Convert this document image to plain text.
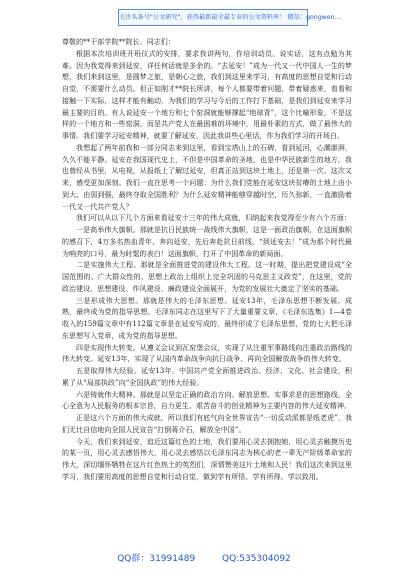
关注头条号"公文研究"，获得最新最全最专业的公文资料库！ 微信：gongwen...

尊敬的**干部学院**院长、同志们：

根据本次培训班开班仪式的安排，要求我讲两句，作培训动员。说实话，这有点勉为其难。因为我觉得来到延安，详任何话就是多余的。“去延安！”成为一代又一代中国人一生的梦想，我们来到这里，是圆梦之旅，是朝心之旅，我们到这里来学习，有高度的思想自觉和行动自觉，不需要什么动员。但正如刚才**院长所讲，每个人都要带着问题，带着疑惑来，看看和接触一下实际，这样才能有触动，为我们的学习与今后的工作打下基础，是我们到延安来学习最主要的目的。有人说延安一个地方和七个窑洞就能够撑起“地球背”，这个比喻形象，不是这样的一个地方和一些窑洞，而是共产党人在最困难的环境中，用最朴素的方式，做了最伟大的事情。我们要学习延安精神，就要了解延安，因此我讲些心里话，作为我们学习的开场白。

我想起了两年前我和一部分同志来到这里，看到宝塔山上的石碑，看到延河，心潮澎湃，久久不能平静。延安在我国现代史上，不但是中国革命的圣地，也是中华民族新生的地方。我也曾经从书里，从电视，从报纸上了解过延安，但真正站到这块土地上，还是第一次。这次又来，感受更加深刻。我们一直在思考一个问题：为什么我们党能在延安这块贫瘠的土地上由小到大、由弱到强，最终夺取全国胜利？为什么延安精神能够穿越时空，历久弥新，一直激励着一代又一代共产党人？

我们可以从以下几个方面来看延安十三年的伟大成就，归纳起来我觉得至少有六个方面：

一是高举伟大旗帜。那就是抗日民族统一战线伟大旗帜，这是一面政治旗帜，在这面旗帜的感召下，4万多名热血青年、奔向延安，先后奔赴抗日前线，“到延安去！”成为那个时代最为响亮的口号，最为时髦的表白！这面旗帜，打开了中国革命的新局面。

二是实施伟大工程。那就是全面推进党的建设伟大工程。这一时期，提出把党建设成“全国范围的、广大群众性的、思想上政治上组织上完全巩固的马克思主义政党”，在这里，党的政治建设、思想建设、作风建设、廉政建设全面展开，为党的发展壮大奠定了坚实的基础。

三是形成伟大思想。那就是伟大的毛泽东思想。延安13年，毛泽东思想不断发展、成熟，最终成为党的指导思想。毛泽东同志在这里写下了大量重要文章，《毛泽东选集》1—4卷收入的159篇文章中有112篇文章是在延安写成的，最终形成了毛泽东思想，党的七大把毛泽东思想写入党章，成为党的指导思想。

四是实现伟大转变。从遵义会议到瓦窑堡会议，实现了从注重军事路线向注重政治路线的伟大转变。延安13年，实现了从国内革命战争向抗日战争、再向全国解放战争的伟大转变。

五是取得伟大经验。延安13年，中国共产党全面推进政治、经济、文化、社会建设，积累了从“局部执政”向“全国执政”的伟大经验。

六是铸就伟大精神。那就是以坚定正确的政治方向、解放思想、实事求是的思想路线，全心全意为人民服务的根本宗旨，自力更生、艰苦奋斗的创业精神为主要内容的伟大延安精神。

正是这六个方面的伟大成就，所以我们有底气向全世界宣告“一切反动派都是纸老虎”，我们无比自信地向全国人民宣告“打倒蒋介石，解放全中国”。

今天，我们来到延安，追近这篇红色的土地，我们要用心灵去拥抱她，用心灵去触摸历史的某一页，用心灵去感悟伟大，用心灵去感悟以毛泽东同志为核心的老一辈无产阶级革命家的伟大，深切缅怀牺牲在这片红色热土的英烈们，深情赞美这片土地和人民！我们这次来到这里学习，我们要用高度的思想自觉和行动自觉，做到学有所悟、学有所得、学以致用。

QQ群：31991489	QQ:535304092
